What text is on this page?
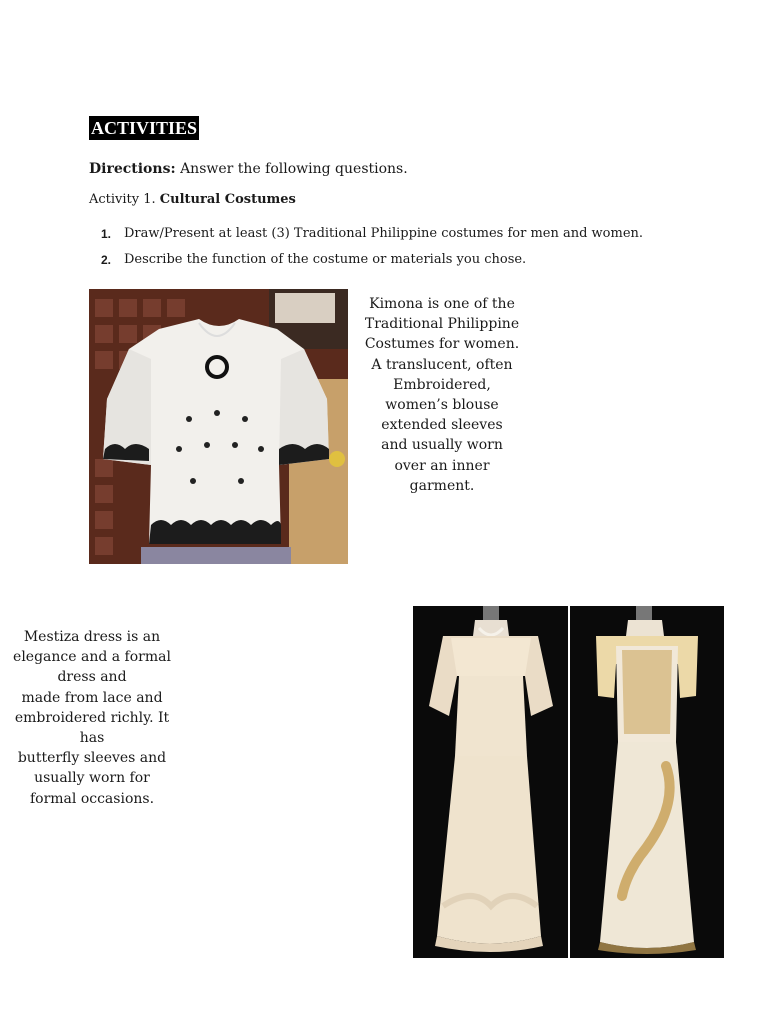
ACTIVITIES
Directions: Answer the following questions.
Activity 1. Cultural Costumes
1. Draw/Present at least (3) Traditional Philippine costumes for men and women.
2. Describe the function of the costume or materials you chose.
Kimona is one of the
Traditional Philippine
Costumes for women.
A translucent, often
Embroidered,
women’s blouse
extended sleeves
and usually worn
over an inner
garment.
Mestiza dress is an
elegance and a formal
dress and
made from lace and
embroidered richly. It
has
butterfly sleeves and
usually worn for
formal occasions.
